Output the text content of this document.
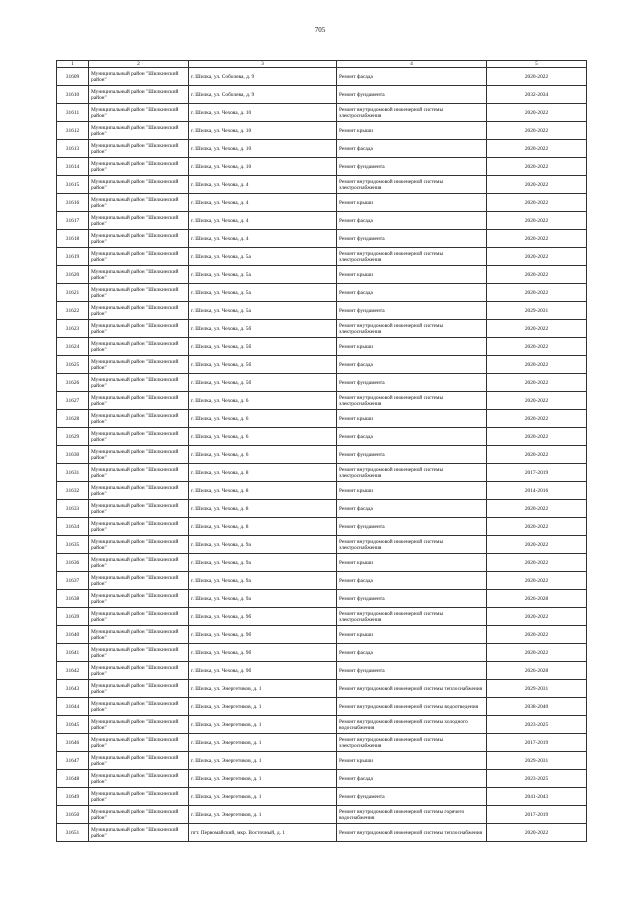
705
1	2	3	4	5
31609	Муниципальный район "Шилкинский район"	г. Шилка, ул. Соболева, д. 9	Ремонт фасада	2020-2022
31610	Муниципальный район "Шилкинский район"	г. Шилка, ул. Соболева, д. 9	Ремонт фундамента	2032-2034
31611	Муниципальный район "Шилкинский район"	г. Шилка, ул. Чехова, д. 10	Ремонт внутридомовой инженерной системы электроснабжения	2020-2022
31612	Муниципальный район "Шилкинский район"	г. Шилка, ул. Чехова, д. 10	Ремонт крыши	2020-2022
31613	Муниципальный район "Шилкинский район"	г. Шилка, ул. Чехова, д. 10	Ремонт фасада	2020-2022
31614	Муниципальный район "Шилкинский район"	г. Шилка, ул. Чехова, д. 10	Ремонт фундамента	2020-2022
31615	Муниципальный район "Шилкинский район"	г. Шилка, ул. Чехова, д. 4	Ремонт внутридомовой инженерной системы электроснабжения	2020-2022
31616	Муниципальный район "Шилкинский район"	г. Шилка, ул. Чехова, д. 4	Ремонт крыши	2020-2022
31617	Муниципальный район "Шилкинский район"	г. Шилка, ул. Чехова, д. 4	Ремонт фасада	2020-2022
31618	Муниципальный район "Шилкинский район"	г. Шилка, ул. Чехова, д. 4	Ремонт фундамента	2020-2022
31619	Муниципальный район "Шилкинский район"	г. Шилка, ул. Чехова, д. 5а	Ремонт внутридомовой инженерной системы электроснабжения	2020-2022
31620	Муниципальный район "Шилкинский район"	г. Шилка, ул. Чехова, д. 5а	Ремонт крыши	2020-2022
31621	Муниципальный район "Шилкинский район"	г. Шилка, ул. Чехова, д. 5а	Ремонт фасада	2020-2022
31622	Муниципальный район "Шилкинский район"	г. Шилка, ул. Чехова, д. 5а	Ремонт фундамента	2029-2031
31623	Муниципальный район "Шилкинский район"	г. Шилка, ул. Чехова, д. 5б	Ремонт внутридомовой инженерной системы электроснабжения	2020-2022
31624	Муниципальный район "Шилкинский район"	г. Шилка, ул. Чехова, д. 5б	Ремонт крыши	2020-2022
31625	Муниципальный район "Шилкинский район"	г. Шилка, ул. Чехова, д. 5б	Ремонт фасада	2020-2022
31626	Муниципальный район "Шилкинский район"	г. Шилка, ул. Чехова, д. 5б	Ремонт фундамента	2020-2022
31627	Муниципальный район "Шилкинский район"	г. Шилка, ул. Чехова, д. 6	Ремонт внутридомовой инженерной системы электроснабжения	2020-2022
31628	Муниципальный район "Шилкинский район"	г. Шилка, ул. Чехова, д. 6	Ремонт крыши	2020-2022
31629	Муниципальный район "Шилкинский район"	г. Шилка, ул. Чехова, д. 6	Ремонт фасада	2020-2022
31630	Муниципальный район "Шилкинский район"	г. Шилка, ул. Чехова, д. 6	Ремонт фундамента	2020-2022
31631	Муниципальный район "Шилкинский район"	г. Шилка, ул. Чехова, д. 8	Ремонт внутридомовой инженерной системы электроснабжения	2017-2019
31632	Муниципальный район "Шилкинский район"	г. Шилка, ул. Чехова, д. 8	Ремонт крыши	2014-2016
31633	Муниципальный район "Шилкинский район"	г. Шилка, ул. Чехова, д. 8	Ремонт фасада	2020-2022
31634	Муниципальный район "Шилкинский район"	г. Шилка, ул. Чехова, д. 8	Ремонт фундамента	2020-2022
31635	Муниципальный район "Шилкинский район"	г. Шилка, ул. Чехова, д. 9а	Ремонт внутридомовой инженерной системы электроснабжения	2020-2022
31636	Муниципальный район "Шилкинский район"	г. Шилка, ул. Чехова, д. 9а	Ремонт крыши	2020-2022
31637	Муниципальный район "Шилкинский район"	г. Шилка, ул. Чехова, д. 9а	Ремонт фасада	2020-2022
31638	Муниципальный район "Шилкинский район"	г. Шилка, ул. Чехова, д. 9а	Ремонт фундамента	2026-2028
31639	Муниципальный район "Шилкинский район"	г. Шилка, ул. Чехова, д. 9б	Ремонт внутридомовой инженерной системы электроснабжения	2020-2022
31640	Муниципальный район "Шилкинский район"	г. Шилка, ул. Чехова, д. 9б	Ремонт крыши	2020-2022
31641	Муниципальный район "Шилкинский район"	г. Шилка, ул. Чехова, д. 9б	Ремонт фасада	2020-2022
31642	Муниципальный район "Шилкинский район"	г. Шилка, ул. Чехова, д. 9б	Ремонт фундамента	2026-2028
31643	Муниципальный район "Шилкинский район"	г. Шилка, ул. Энергетиков, д. 1	Ремонт внутридомовой инженерной системы теплоснабжения	2029-2031
31644	Муниципальный район "Шилкинский район"	г. Шилка, ул. Энергетиков, д. 1	Ремонт внутридомовой инженерной системы водоотведения	2038-2040
31645	Муниципальный район "Шилкинский район"	г. Шилка, ул. Энергетиков, д. 1	Ремонт внутридомовой инженерной системы холодного водоснабжения	2023-2025
31646	Муниципальный район "Шилкинский район"	г. Шилка, ул. Энергетиков, д. 1	Ремонт внутридомовой инженерной системы электроснабжения	2017-2019
31647	Муниципальный район "Шилкинский район"	г. Шилка, ул. Энергетиков, д. 1	Ремонт крыши	2029-2031
31648	Муниципальный район "Шилкинский район"	г. Шилка, ул. Энергетиков, д. 1	Ремонт фасада	2023-2025
31649	Муниципальный район "Шилкинский район"	г. Шилка, ул. Энергетиков, д. 1	Ремонт фундамента	2041-2043
31650	Муниципальный район "Шилкинский район"	г. Шилка, ул. Энергетиков, д. 1	Ремонт внутридомовой инженерной системы горячего водоснабжения	2017-2019
31651	Муниципальный район "Шилкинский район"	пгт. Первомайский, мкр. Восточный, д. 1	Ремонт внутридомовой инженерной системы теплоснабжения	2020-2022
